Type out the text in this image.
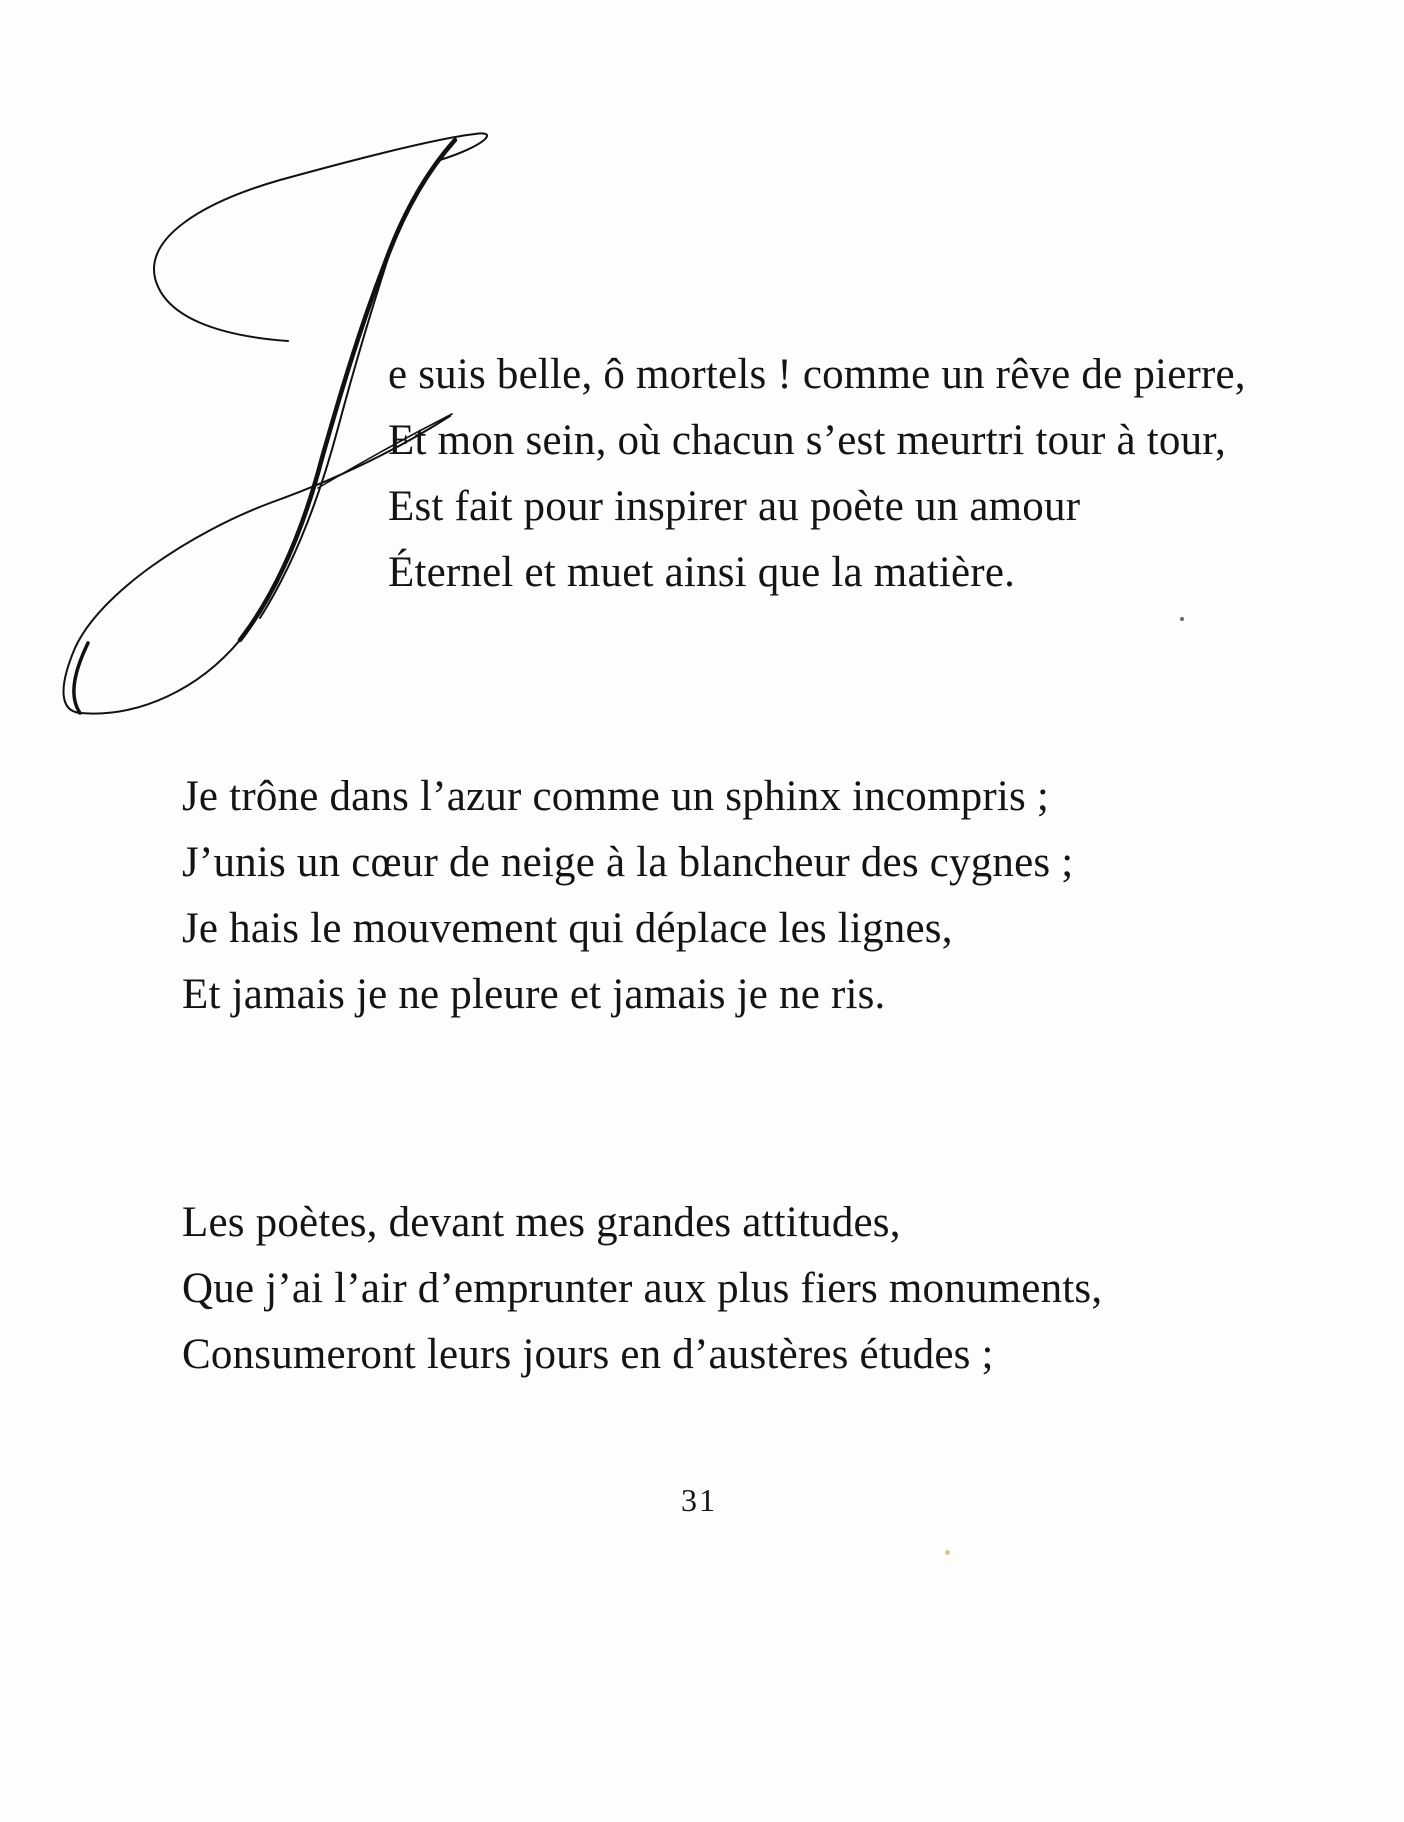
e suis belle, ô mortels ! comme un rêve de pierre,
Et mon sein, où chacun s’est meurtri tour à tour,
Est fait pour inspirer au poète un amour
Éternel et muet ainsi que la matière.
Je trône dans l’azur comme un sphinx incompris ;
J’unis un cœur de neige à la blancheur des cygnes ;
Je hais le mouvement qui déplace les lignes,
Et jamais je ne pleure et jamais je ne ris.
Les poètes, devant mes grandes attitudes,
Que j’ai l’air d’emprunter aux plus fiers monuments,
Consumeront leurs jours en d’austères études ;
31
